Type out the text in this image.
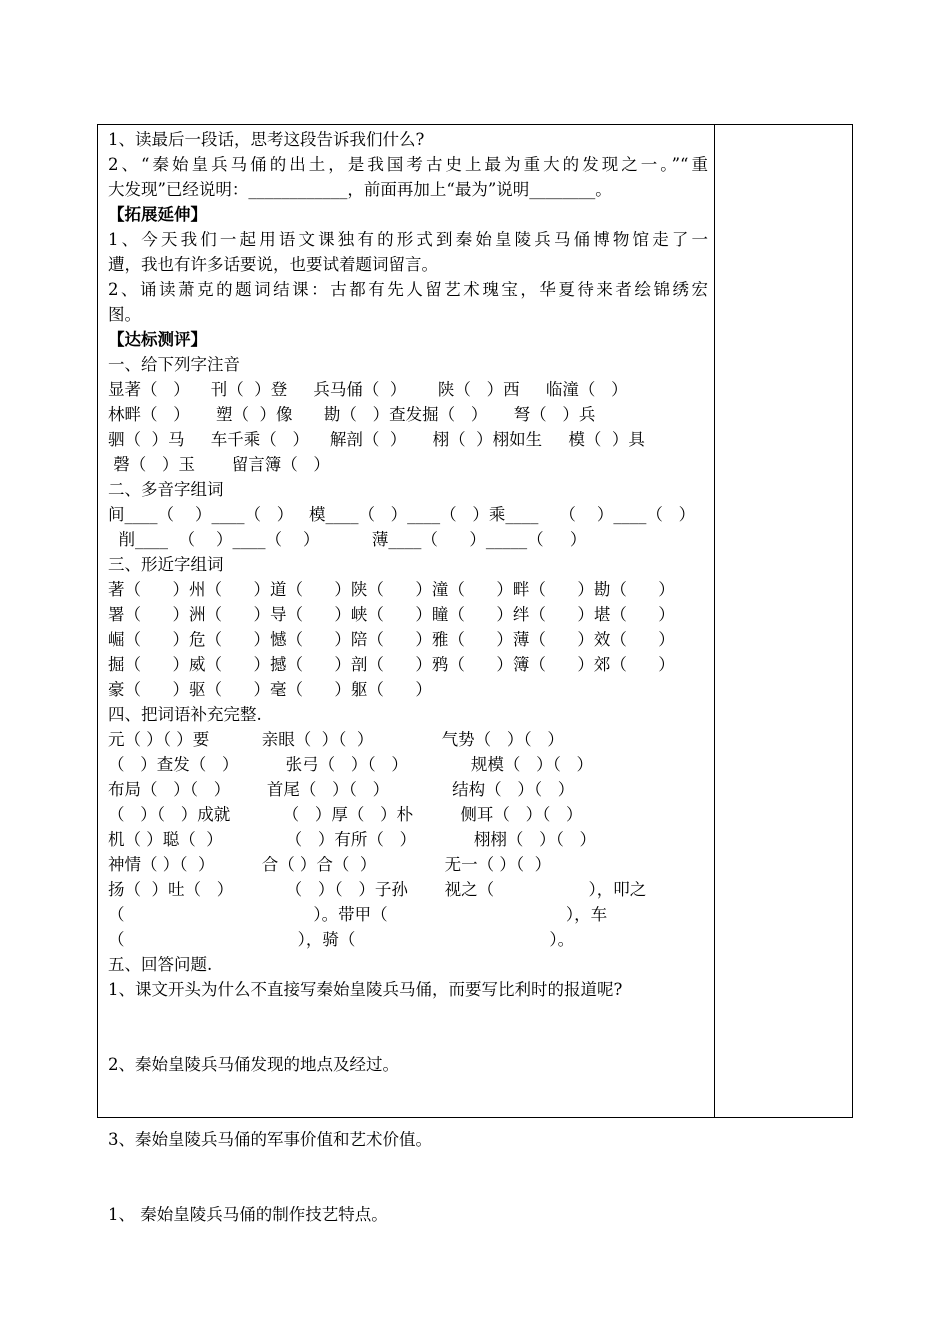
1、读最后一段话，思考这段告诉我们什么?
2、“秦始皇兵马俑的出土，是我国考古史上最为重大的发现之一。”“重
大发现”已经说明：____________，前面再加上“最为”说明________。
【拓展延伸】
1、今天我们一起用语文课独有的形式到秦始皇陵兵马俑博物馆走了一
遭，我也有许多话要说，也要试着题词留言。
2、诵读萧克的题词结课：古都有先人留艺术瑰宝，华夏待来者绘锦绣宏
图。
【达标测评】
一、给下列字注音
显著（   ）    刊（  ）登     兵马俑（  ）      陕（   ）西     临潼（   ）
林畔（   ）     塑（  ）像      勘（   ）查发掘（   ）     弩（   ）兵
驷（  ）马     车千乘（   ）    解剖（  ）     栩（  ）栩如生     模（  ）具
磬（   ）玉       留言簿（   ）
二、多音字组词
间____（    ）____（   ）   模____（   ）____（   ）乘____    （    ）____（   ）
削____  （    ）____（    ）          薄____（      ）_____（     ）
三、形近字组词
著（      ）州（      ）道（      ）陕（      ）潼（      ）畔（      ）勘（      ）
署（      ）洲（      ）导（      ）峡（      ）瞳（      ）绊（      ）堪（      ）
崛（      ）危（      ）憾（      ）陪（      ）雅（      ）薄（      ）效（      ）
掘（      ）威（      ）撼（      ）剖（      ）鸦（      ）簿（      ）郊（      ）
豪（      ）驱（      ）毫（      ）躯（      ）
四、把词语补充完整.
元（ ）（ ）要          亲眼（  ）（  ）             气势（   ）（   ）
（   ）查发（   ）         张弓（   ）（   ）            规模（   ）（   ）
布局（   ）（   ）       首尾（   ）（   ）            结构（   ）（   ）
（   ）（   ）成就          （   ）厚（   ）朴         侧耳（   ）（   ）
机（ ）聪（  ）            （   ）有所（   ）           栩栩（   ）（   ）
神情（ ）（  ）         合（ ）合（  ）             无一（ ）（  ）
扬（  ）吐（   ）          （   ）（   ）子孙       视之（                  ），叩之
（                                    ）。带甲（                                  ），车
（                                 ），骑（                                     ）。
五、回答问题.
1、课文开头为什么不直接写秦始皇陵兵马俑，而要写比利时的报道呢?
2、秦始皇陵兵马俑发现的地点及经过。
3、秦始皇陵兵马俑的军事价值和艺术价值。
1、 秦始皇陵兵马俑的制作技艺特点。
